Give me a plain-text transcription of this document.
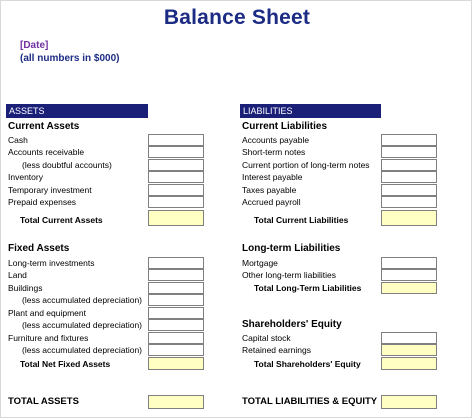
Balance Sheet
[Date]
(all numbers in $000)
ASSETS
Current Assets
Cash
Accounts receivable
(less doubtful accounts)
Inventory
Temporary investment
Prepaid expenses
Total Current Assets
Fixed Assets
Long-term investments
Land
Buildings
(less accumulated depreciation)
Plant and equipment
(less accumulated depreciation)
Furniture and fixtures
(less accumulated depreciation)
Total Net Fixed Assets
TOTAL ASSETS
LIABILITIES
Current Liabilities
Accounts payable
Short-term notes
Current portion of long-term notes
Interest payable
Taxes payable
Accrued payroll
Total Current Liabilities
Long-term Liabilities
Mortgage
Other long-term liabilities
Total Long-Term Liabilities
Shareholders' Equity
Capital stock
Retained earnings
Total Shareholders' Equity
TOTAL LIABILITIES & EQUITY
